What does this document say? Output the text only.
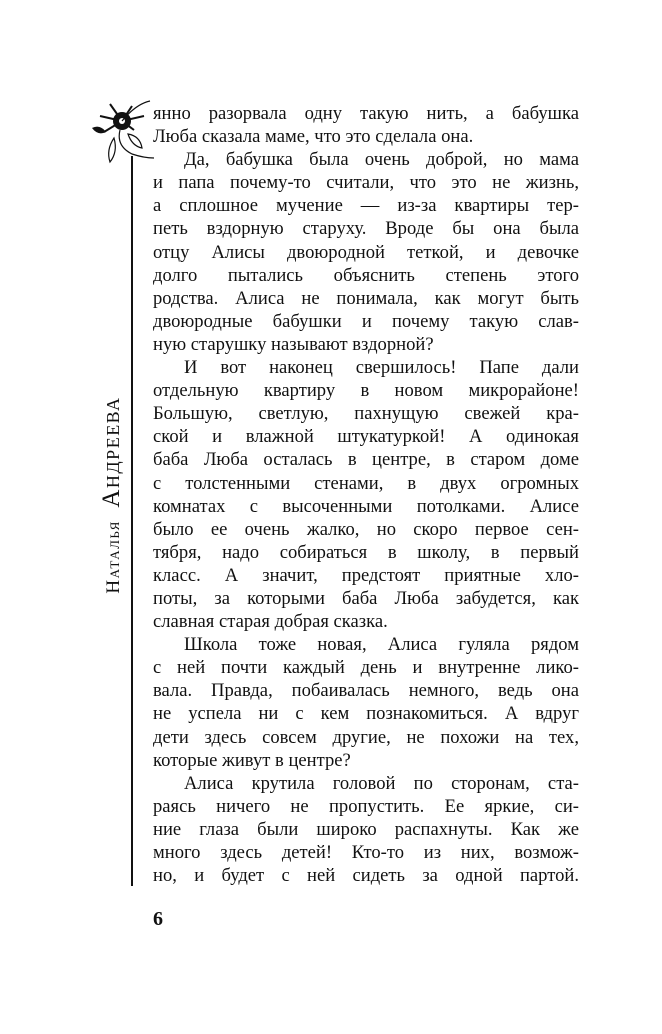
Наталья  Андреева
янно разорвала одну такую нить, а бабушка
Люба сказала маме, что это сделала она.
Да, бабушка была очень доброй, но мама
и папа почему-то считали, что это не жизнь,
а сплошное мучение — из-за квартиры тер-
петь вздорную старуху. Вроде бы она была
отцу Алисы двоюродной теткой, и девочке
долго пытались объяснить степень этого
родства. Алиса не понимала, как могут быть
двоюродные бабушки и почему такую слав-
ную старушку называют вздорной?
И вот наконец свершилось! Папе дали
отдельную квартиру в новом микрорайоне!
Большую, светлую, пахнущую свежей кра-
ской и влажной штукатуркой! А одинокая
баба Люба осталась в центре, в старом доме
с толстенными стенами, в двух огромных
комнатах с высоченными потолками. Алисе
было ее очень жалко, но скоро первое сен-
тября, надо собираться в школу, в первый
класс. А значит, предстоят приятные хло-
поты, за которыми баба Люба забудется, как
славная старая добрая сказка.
Школа тоже новая, Алиса гуляла рядом
с ней почти каждый день и внутренне лико-
вала. Правда, побаивалась немного, ведь она
не успела ни с кем познакомиться. А вдруг
дети здесь совсем другие, не похожи на тех,
которые живут в центре?
Алиса крутила головой по сторонам, ста-
раясь ничего не пропустить. Ее яркие, си-
ние глаза были широко распахнуты. Как же
много здесь детей! Кто-то из них, возмож-
но, и будет с ней сидеть за одной партой.
6
